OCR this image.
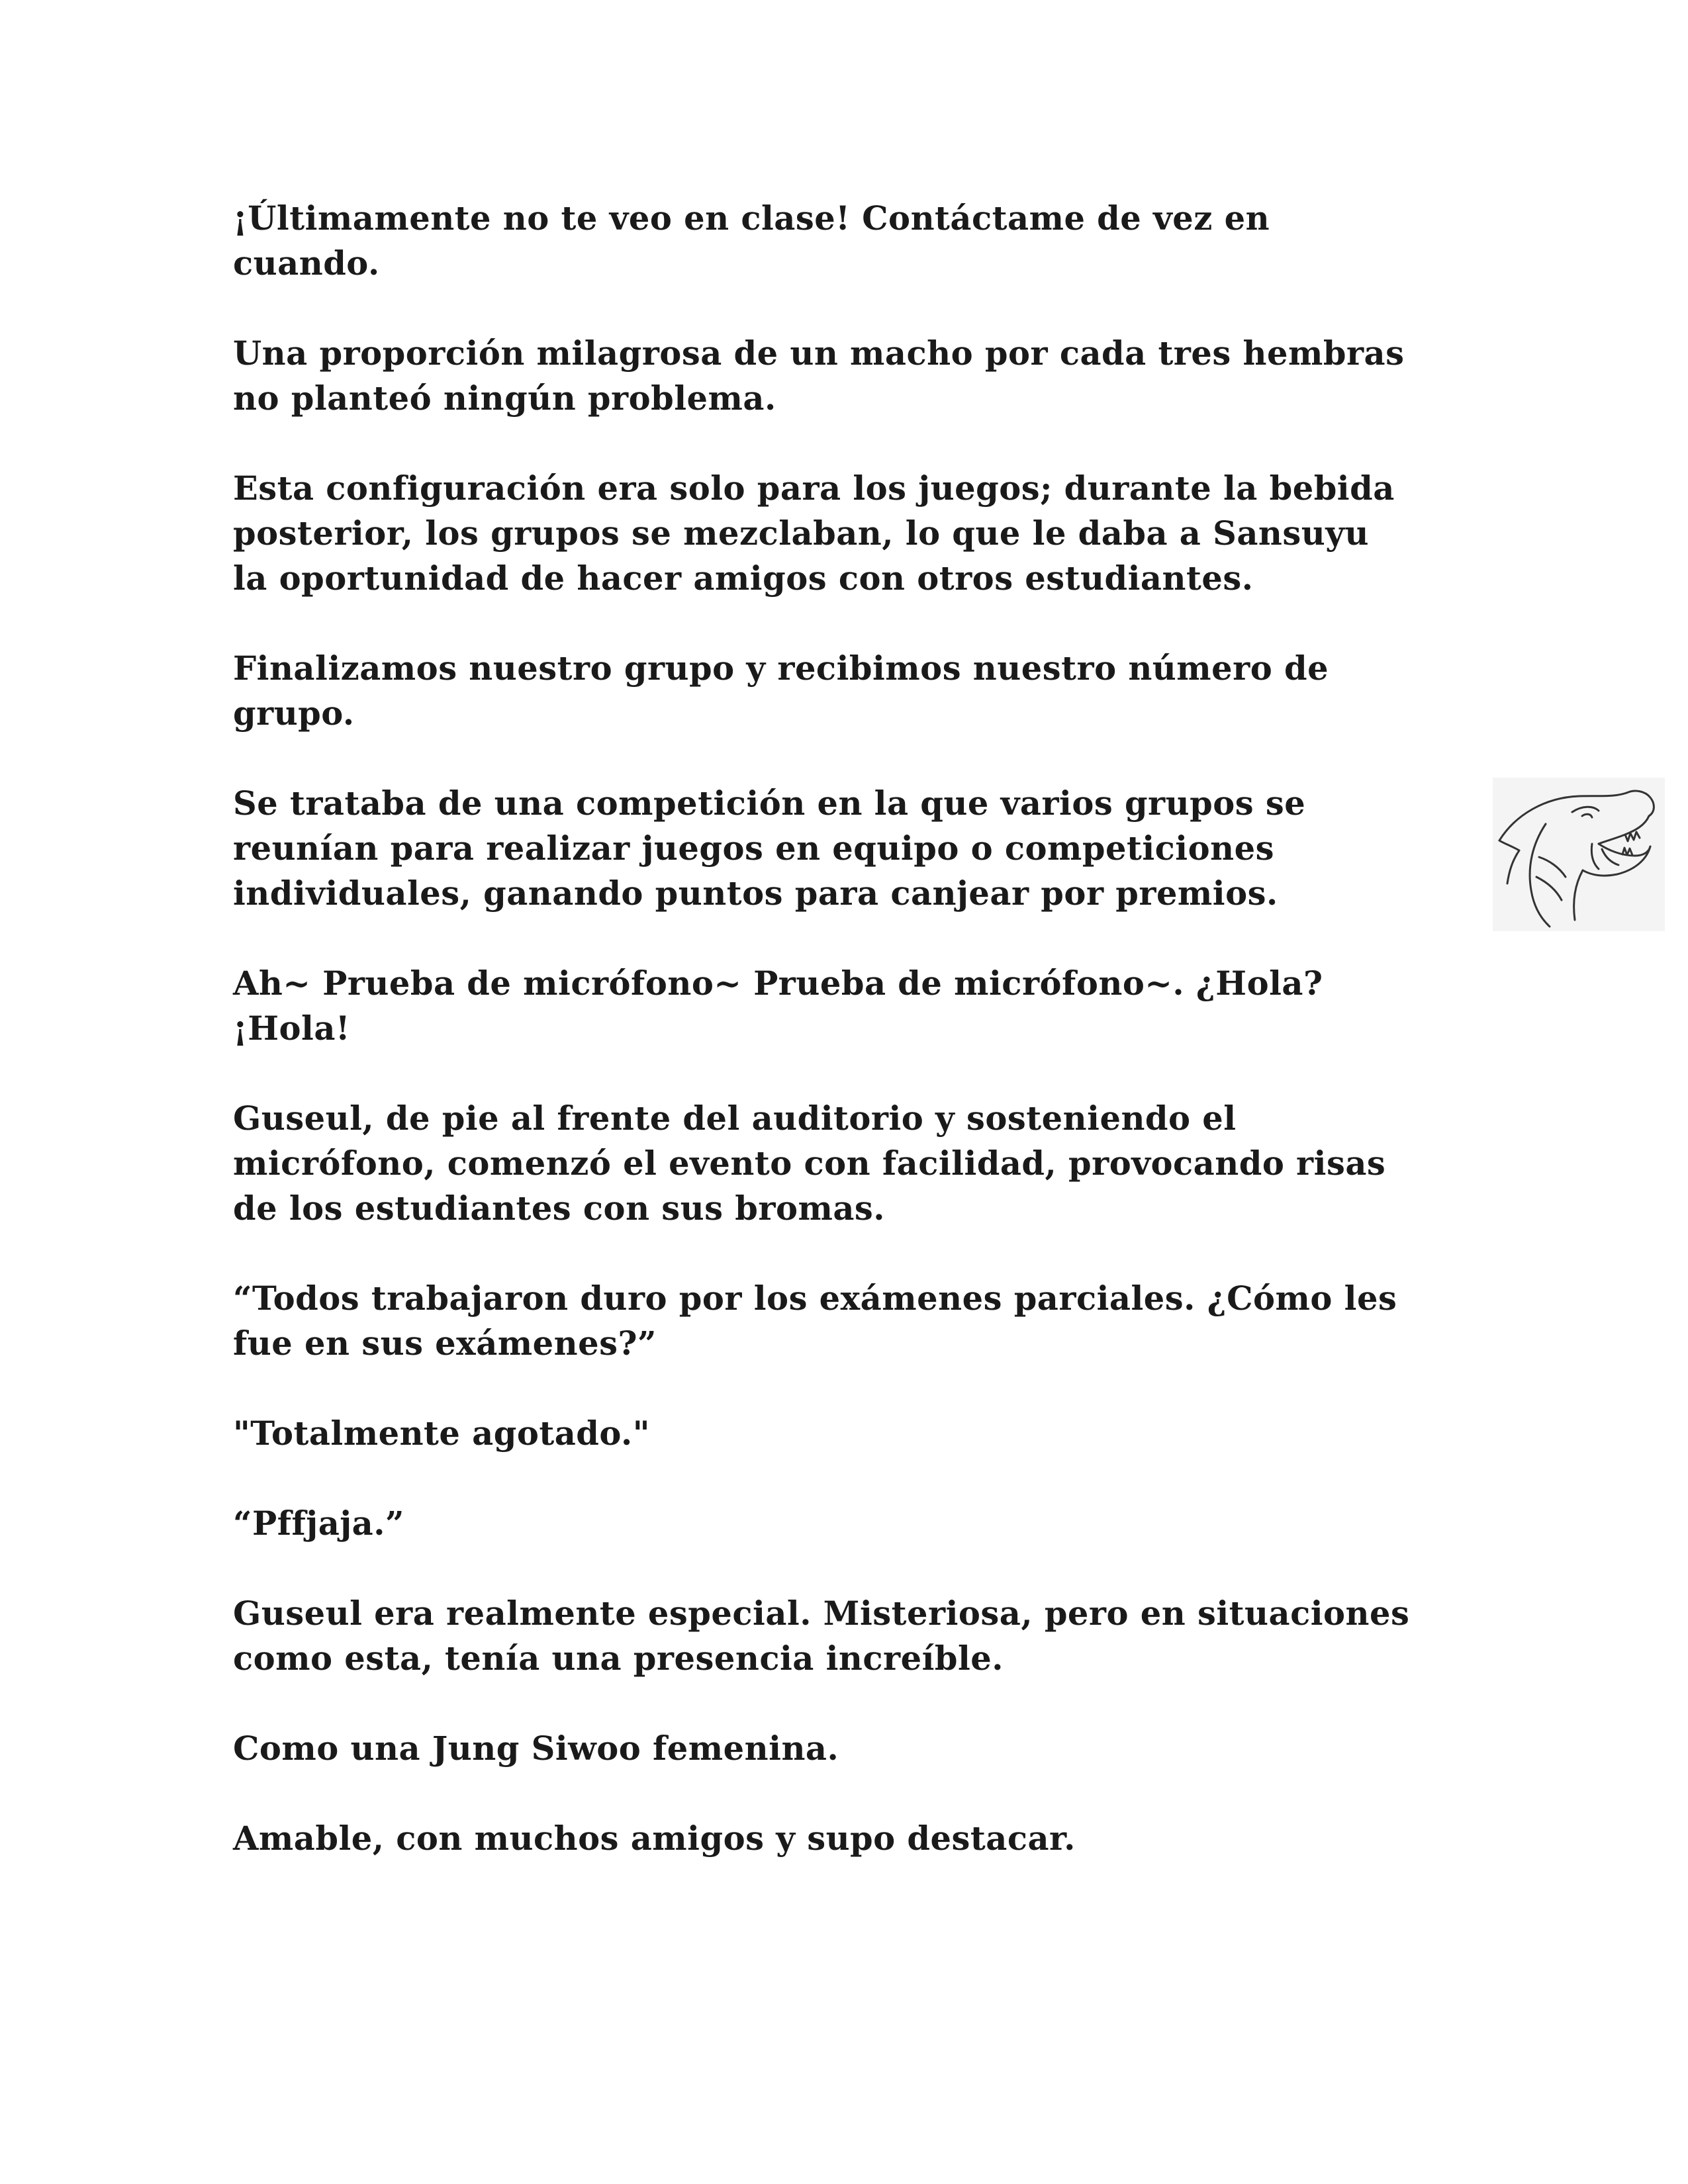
¡Últimamente no te veo en clase! Contáctame de vez en cuando.

Una proporción milagrosa de un macho por cada tres hembras no planteó ningún problema.

Esta configuración era solo para los juegos; durante la bebida posterior, los grupos se mezclaban, lo que le daba a Sansuyu la oportunidad de hacer amigos con otros estudiantes.

Finalizamos nuestro grupo y recibimos nuestro número de grupo.

Se trataba de una competición en la que varios grupos se reunían para realizar juegos en equipo o competiciones individuales, ganando puntos para canjear por premios.

Ah~ Prueba de micrófono~ Prueba de micrófono~. ¿Hola? ¡Hola!

Guseul, de pie al frente del auditorio y sosteniendo el micrófono, comenzó el evento con facilidad, provocando risas de los estudiantes con sus bromas.

“Todos trabajaron duro por los exámenes parciales. ¿Cómo les fue en sus exámenes?”

"Totalmente agotado."

“Pffjaja.”

Guseul era realmente especial. Misteriosa, pero en situaciones como esta, tenía una presencia increíble.

Como una Jung Siwoo femenina.

Amable, con muchos amigos y supo destacar.
